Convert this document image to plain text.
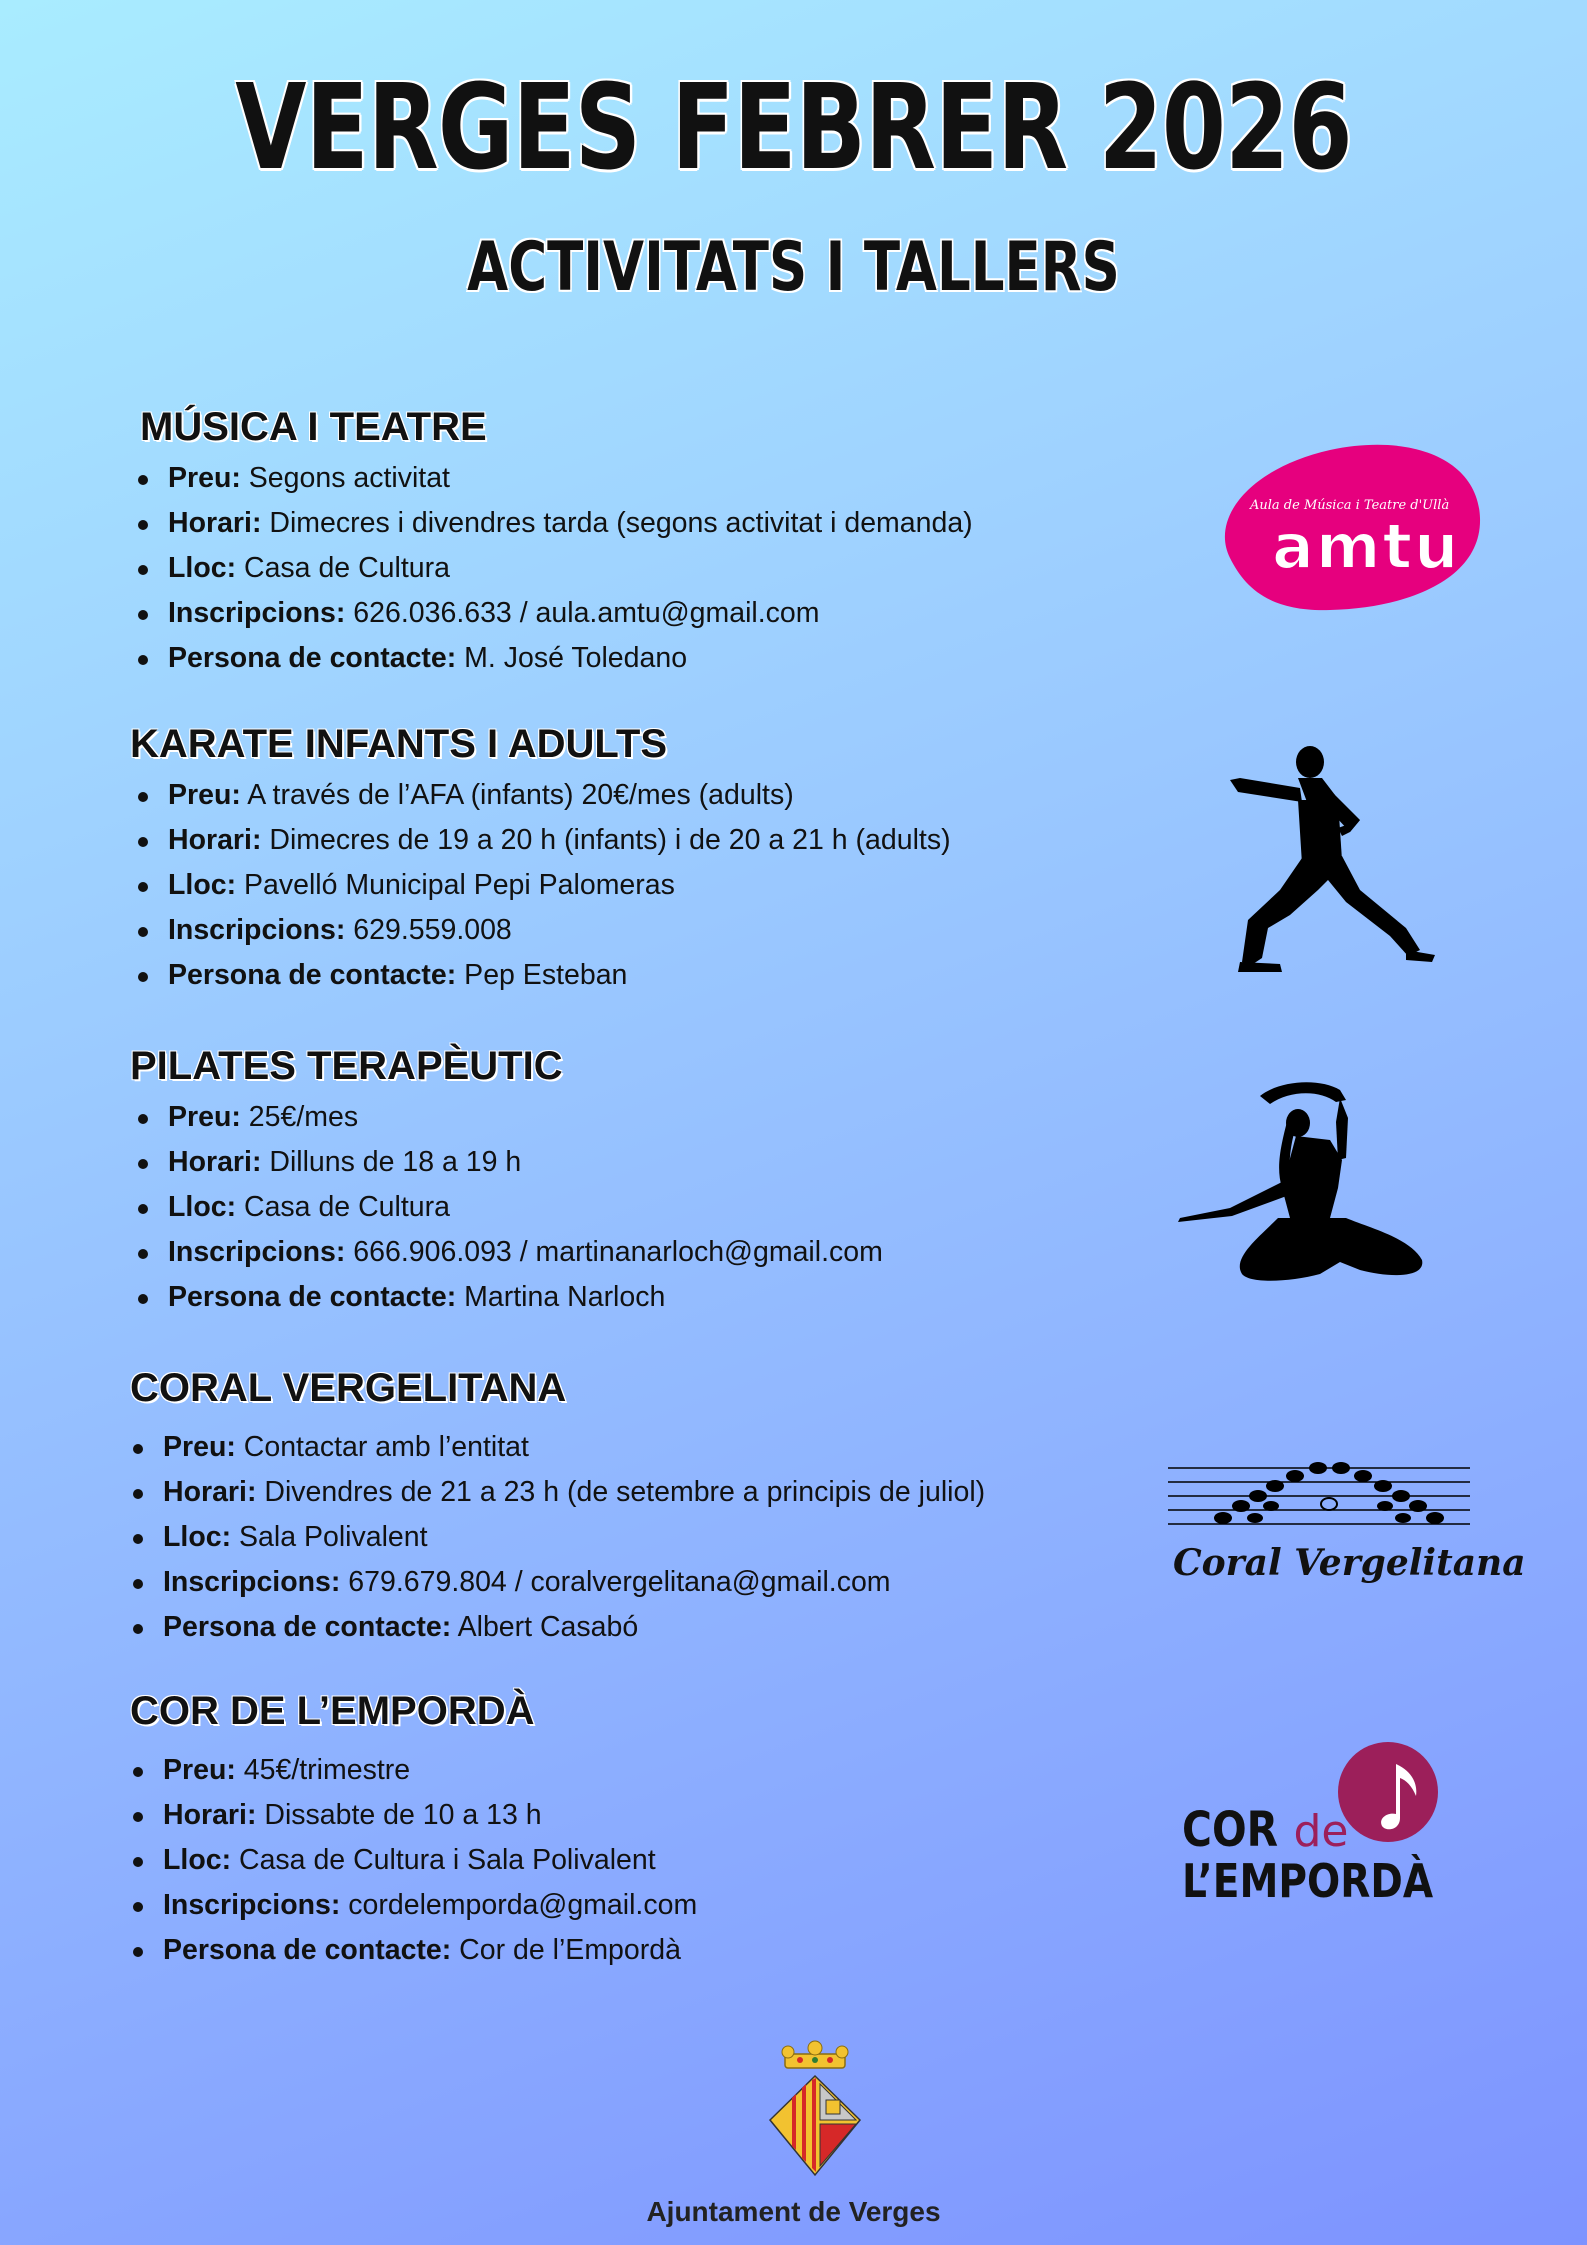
VERGES FEBRER 2026
ACTIVITATS I TALLERS
MÚSICA I TEATRE
Preu: Segons activitat
Horari: Dimecres i divendres tarda (segons activitat i demanda)
Lloc: Casa de Cultura
Inscripcions: 626.036.633 / aula.amtu@gmail.com
Persona de contacte: M. José Toledano
KARATE INFANTS I ADULTS
Preu: A través de l’AFA (infants) 20€/mes (adults)
Horari: Dimecres de 19 a 20 h (infants) i de 20 a 21 h (adults)
Lloc: Pavelló Municipal Pepi Palomeras
Inscripcions: 629.559.008
Persona de contacte: Pep Esteban
PILATES TERAPÈUTIC
Preu: 25€/mes
Horari: Dilluns de 18 a 19 h
Lloc: Casa de Cultura
Inscripcions: 666.906.093 / martinanarloch@gmail.com
Persona de contacte: Martina Narloch
CORAL VERGELITANA
Preu: Contactar amb l’entitat
Horari: Divendres de 21 a 23 h (de setembre a principis de juliol)
Lloc: Sala Polivalent
Inscripcions: 679.679.804 / coralvergelitana@gmail.com
Persona de contacte: Albert Casabó
COR DE L’EMPORDÀ
Preu: 45€/trimestre
Horari: Dissabte de 10 a 13 h
Lloc: Casa de Cultura i Sala Polivalent
Inscripcions: cordelemporda@gmail.com
Persona de contacte: Cor de l’Empordà
Aula de Música i Teatre d'Ullà
amtu
Coral Vergelitana
COR de
L’EMPORDÀ
Ajuntament de Verges
